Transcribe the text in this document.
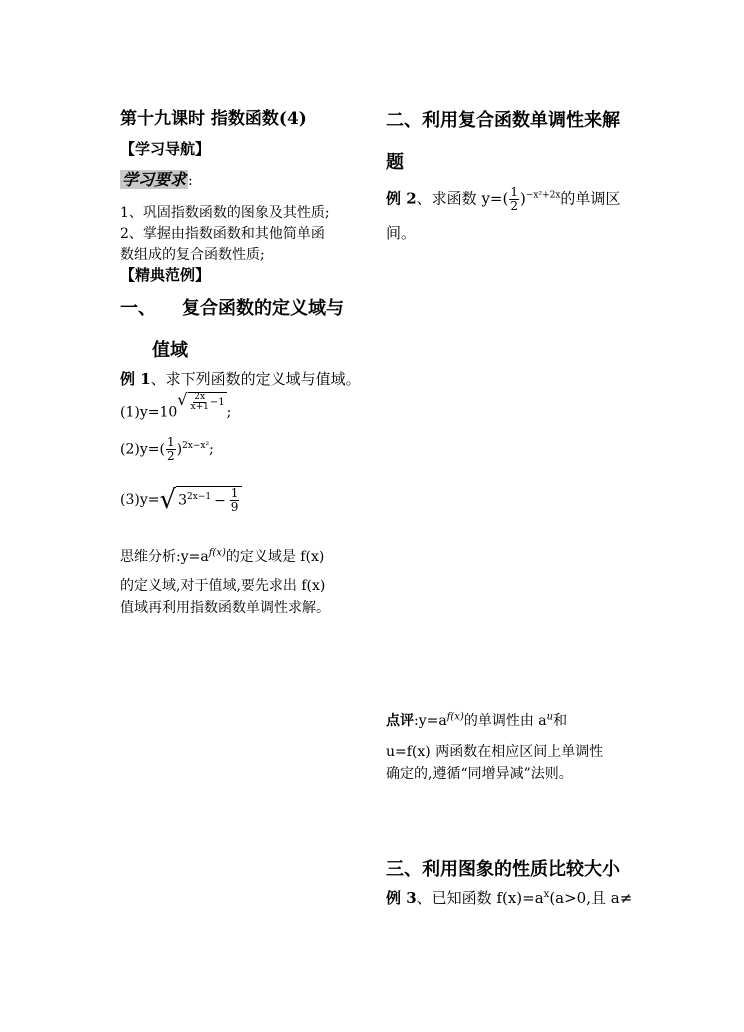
第十九课时 指数函数(4)
【学习导航】
学习要求 :
1、巩固指数函数的图象及其性质;
2、掌握由指数函数和其他简单函
数组成的复合函数性质;
【精典范例】
一、 复合函数的定义域与
值域
例 1、求下列函数的定义域与值域。
$(1)y=10^{√ \frac{2x}{x+1} -1}$;
$(2)y=( \frac{1}{2} )^{2x-x^2}$;
(3)y=√ $3^{2x-1} - \frac{1}{9}$
思维分析$:y=a^{f(x)}$的定义域是 f(x)
的定义域,对于值域,要先求出 f(x)
值域再利用指数函数单调性求解。
二、利用复合函数单调性来解
题
例 2、求函数 $y=( \frac{1}{2} )^{-x^2+2x}$的单调区
间。
点评$:y=a^{f(x)}$的单调性由 $a^u$和
u=f(x) 两函数在相应区间上单调性
确定的,遵循“同增异减”法则。
三、利用图象的性质比较大小
例 3、已知函数 $f(x)=a^x(a>0$,且 a≠
